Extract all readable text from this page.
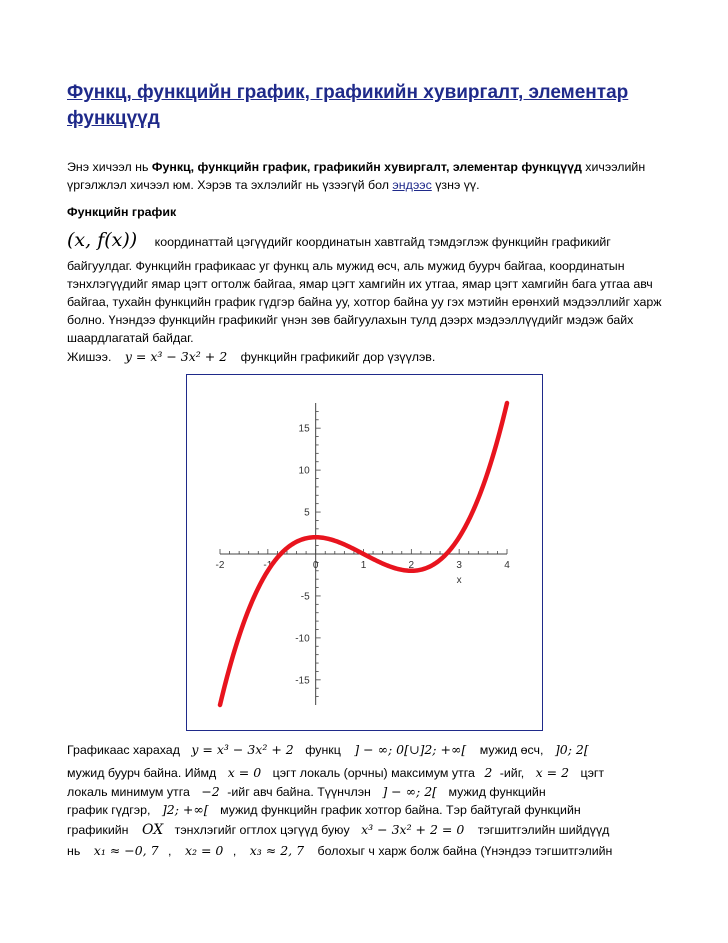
Функц, функцийн график, графикийн хувиргалт, элементар функцүүд

Энэ хичээл нь Функц, функцийн график, графикийн хувиргалт, элементар функцүүд хичээлийн үргэлжлэл хичээл юм. Хэрэв та эхлэлийг нь үзээгүй бол эндээс үзнэ үү.

Функцийн график

(x, f(x)) координаттай цэгүүдийг координатын хавтгайд тэмдэглэж функцийн графикийг

байгуулдаг. Функцийн графикаас уг функц аль мужид өсч, аль мужид буурч байгаа, координатын тэнхлэгүүдийг ямар цэгт огтолж байгаа, ямар цэгт хамгийн их утгаа, ямар цэгт хамгийн бага утгаа авч байгаа, тухайн функцийн график гүдгэр байна уу, хотгор байна уу гэх мэтийн ерөнхий мэдээллийг харж болно. Үнэндээ функцийн графикийг үнэн зөв байгуулахын тулд дээрх мэдээллүүдийг мэдэж байх шаардлагатай байдаг.

Жишээ. y = x³ − 3x² + 2 функцийн графикийг дор үзүүлэв.
-2	-1	0	1	2	3	4
-15
-10
-5
5
10
15
x
Графикаас харахад y = x³ − 3x² + 2 функц ] − ∞; 0[∪]2; +∞[ мужид өсч, ]0; 2[
мужид буурч байна. Иймд x = 0 цэгт локаль (орчны) максимум утга 2 -ийг, x = 2 цэгт
локаль минимум утга −2 -ийг авч байна. Түүнчлэн ] − ∞; 2[ мужид функцийн
график гүдгэр, ]2; +∞[ мужид функцийн график хотгор байна. Тэр байтугай функцийн
графикийн OX тэнхлэгийг огтлох цэгүүд буюу x³ − 3x² + 2 = 0 тэгшитгэлийн шийдүүд
нь x₁ ≈ −0, 7 , x₂ = 0 , x₃ ≈ 2, 7 болохыг ч харж болж байна (Үнэндээ тэгшитгэлийн
